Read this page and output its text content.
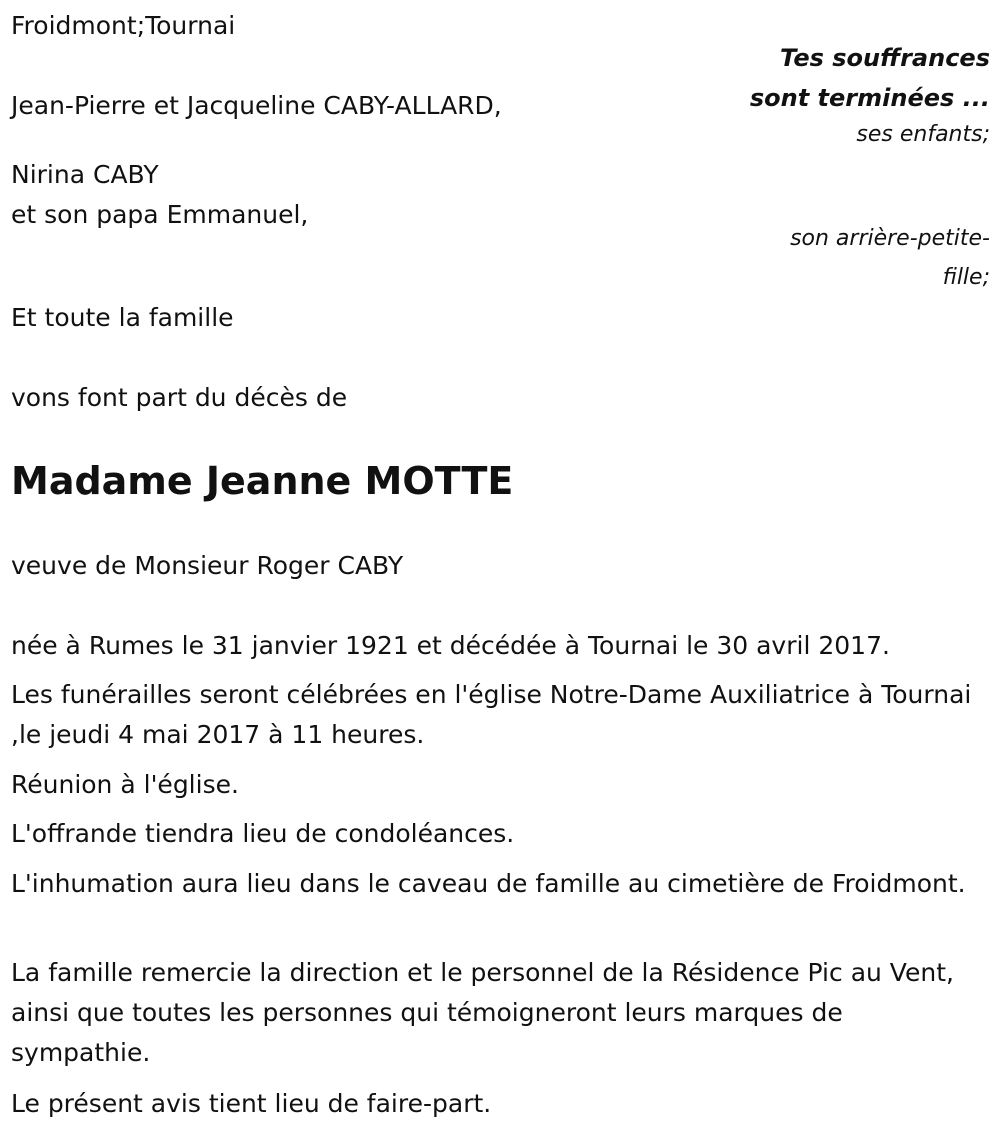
Froidmont;Tournai

Jean-Pierre et Jacqueline CABY-ALLARD,

Nirina CABY

et son papa Emmanuel,

Et toute la famille

vons font part du décès de

Tes souffrances

sont terminées ...

ses enfants;

son arrière-petite-

fille;

Madame Jeanne MOTTE

veuve de Monsieur Roger CABY

née à Rumes le 31 janvier 1921 et décédée à Tournai le 30 avril 2017.

Les funérailles seront célébrées en l'église Notre-Dame Auxiliatrice à Tournai ,le jeudi 4 mai 2017 à 11 heures.

Réunion à l'église.

L'offrande tiendra lieu de condoléances.

L'inhumation aura lieu dans le caveau de famille au cimetière de Froidmont.

La famille remercie la direction et le personnel de la Résidence Pic au Vent, ainsi que toutes les personnes qui témoigneront leurs marques de sympathie.

Le présent avis tient lieu de faire-part.
